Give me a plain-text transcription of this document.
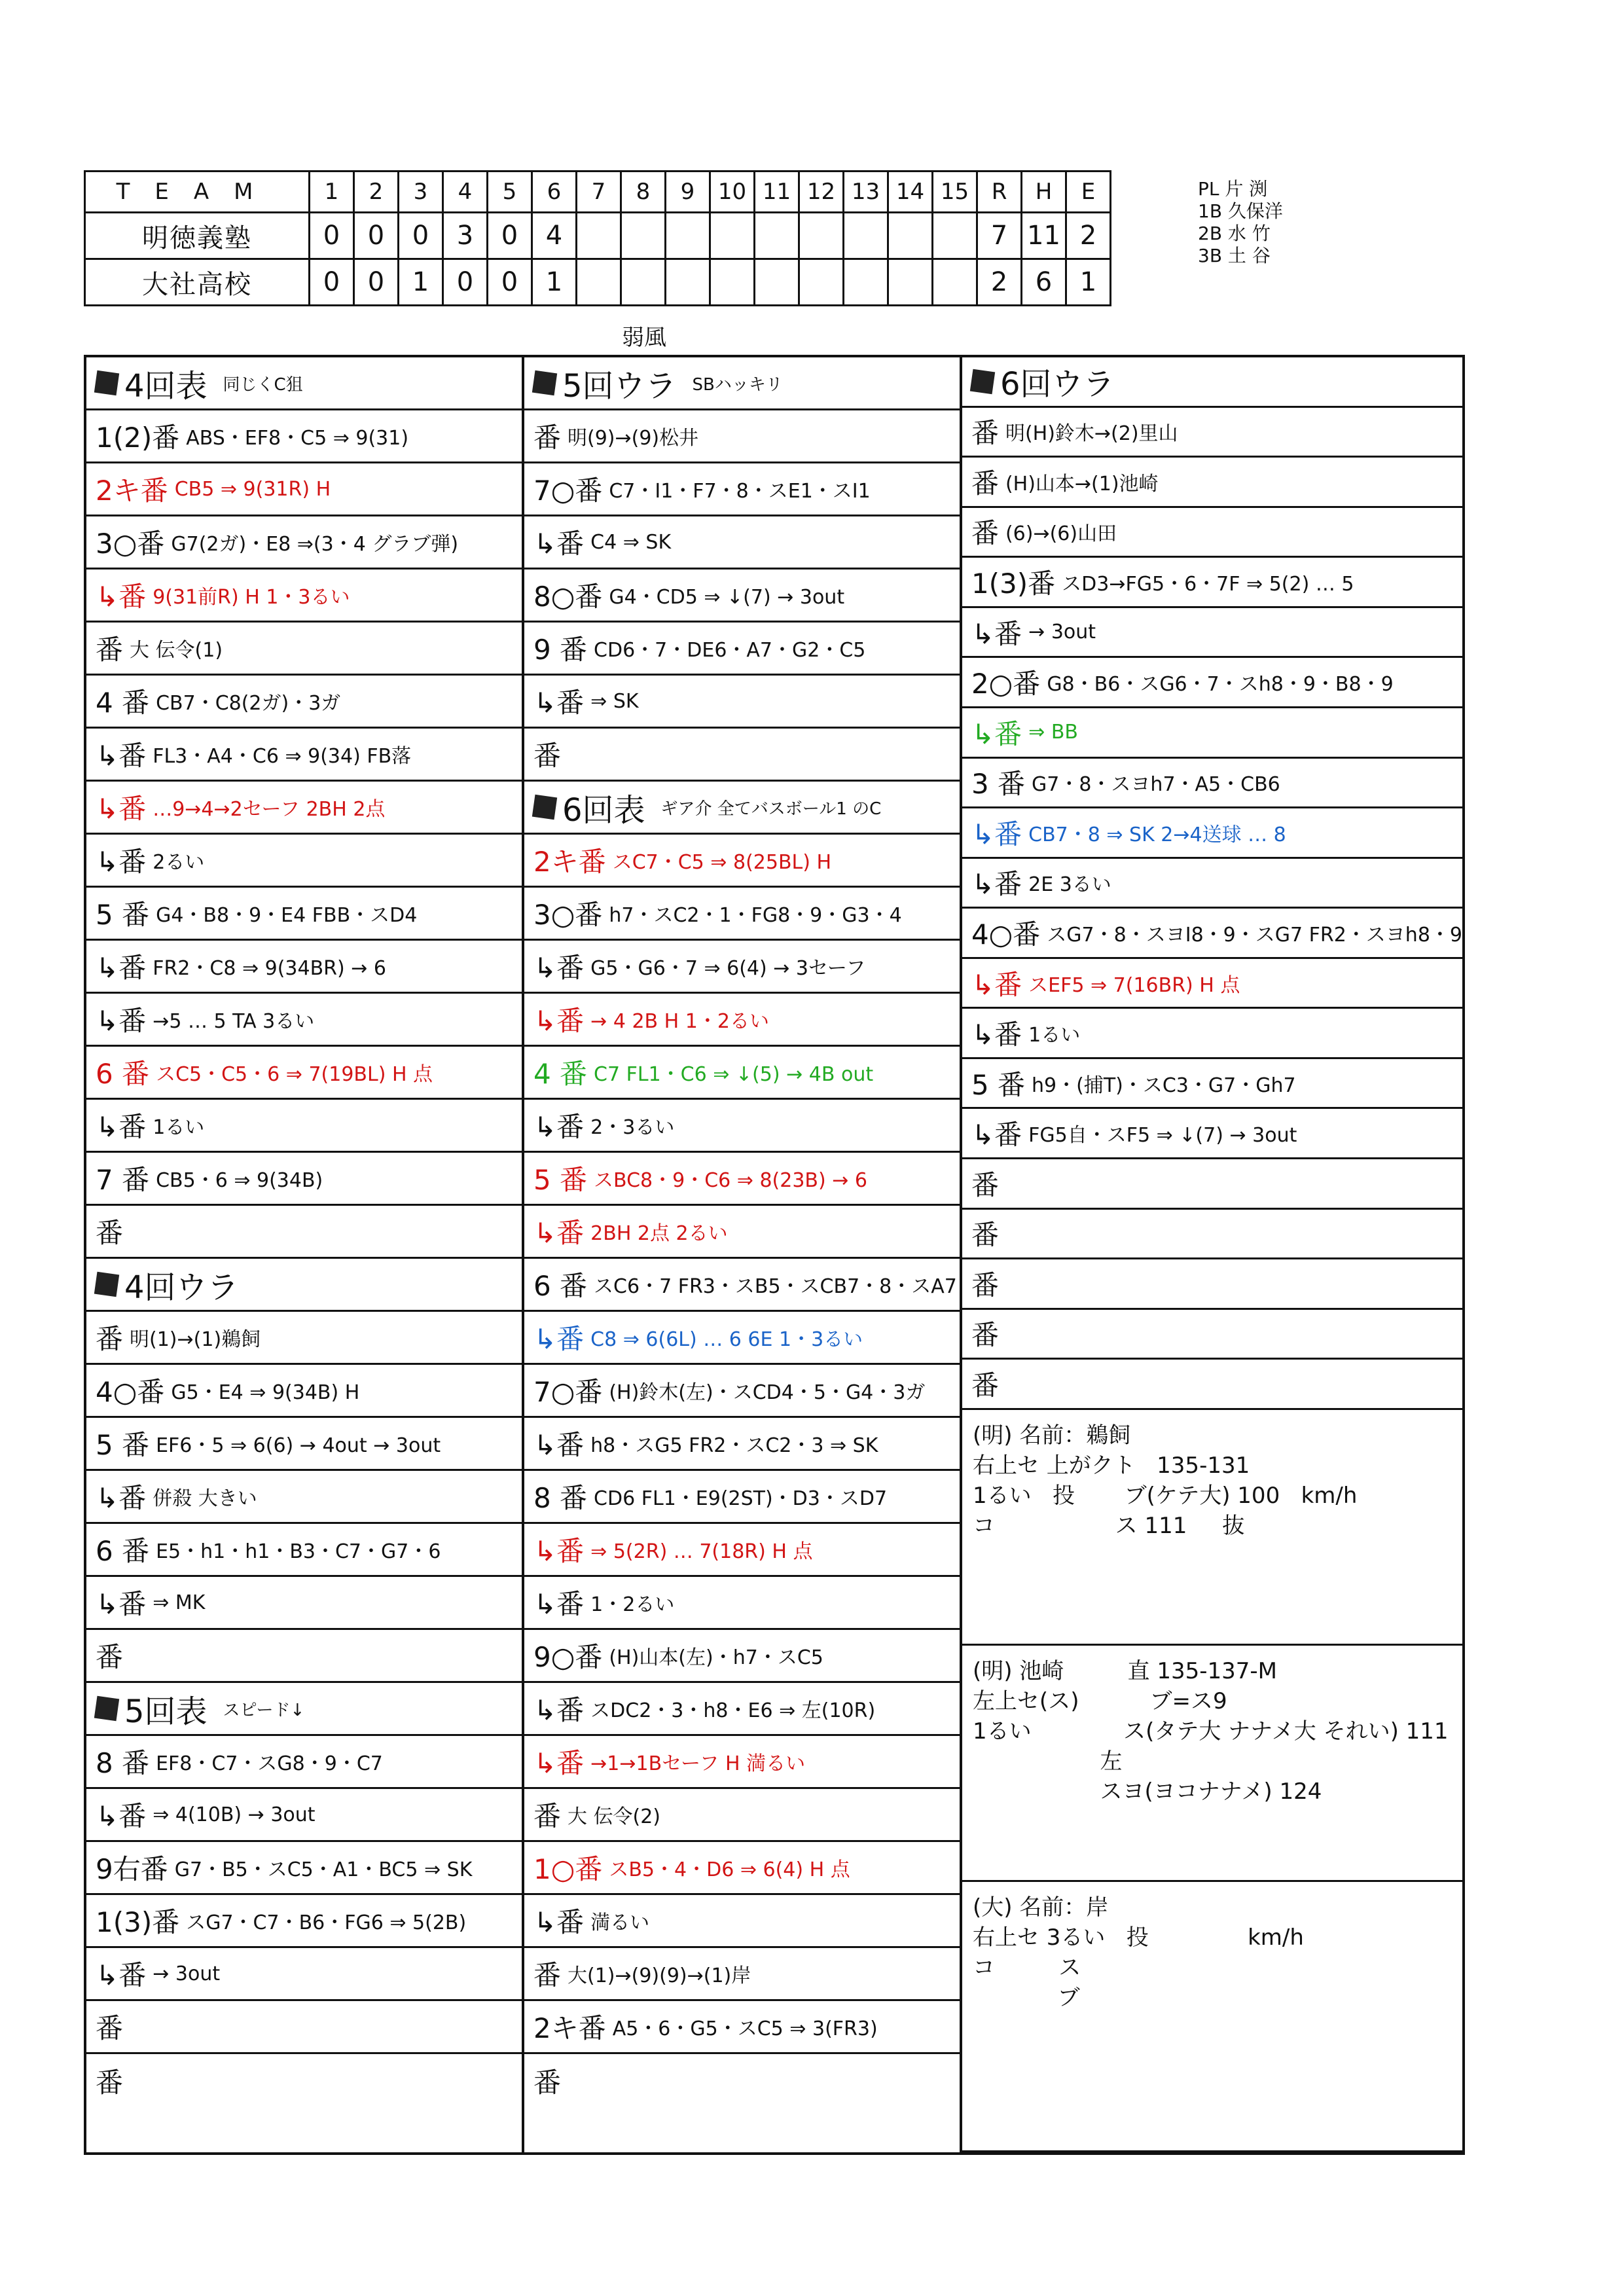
TEAM	1	2	3	4	5	6	7	8	9	10	11	12	13	14	15	R	H	E
明徳義塾	0	0	0	3	0	4										7	11	2
大社高校	0	0	1	0	0	1										2	6	1
PL 片 渕
1B 久保洋
2B 水 竹
3B 土 谷
弱風
4回表 同じくC狙
1(2)番 ABS・EF8・C5 ⇒ 9(31)
2キ番 CB5 ⇒ 9(31R) H
3○番 G7(2ガ)・E8 ⇒(3・4 グラブ弾)
↳番 9(31前R) H 1・3るい
番 大 伝令(1)
4 番 CB7・C8(2ガ)・3ガ
↳番 FL3・A4・C6 ⇒ 9(34) FB落
↳番 …9→4→2セーフ 2BH 2点
↳番 2るい
5 番 G4・B8・9・E4 FBB・スD4
↳番 FR2・C8 ⇒ 9(34BR) → 6
↳番 →5 … 5 TA 3るい
6 番 スC5・C5・6 ⇒ 7(19BL) H 点
↳番 1るい
7 番 CB5・6 ⇒ 9(34B)
番
4回ウラ
番 明(1)→(1)鵜飼
4○番 G5・E4 ⇒ 9(34B) H
5 番 EF6・5 ⇒ 6(6) → 4out → 3out
↳番 併殺 大きい
6 番 E5・h1・h1・B3・C7・G7・6
↳番 ⇒ MK
番
5回表 スピード↓
8 番 EF8・C7・スG8・9・C7
↳番 ⇒ 4(10B) → 3out
9右番 G7・B5・スC5・A1・BC5 ⇒ SK
1(3)番 スG7・C7・B6・FG6 ⇒ 5(2B)
↳番 → 3out
番
番
5回ウラ SBハッキリ
番 明(9)→(9)松井
7○番 C7・I1・F7・8・スE1・スI1
↳番 C4 ⇒ SK
8○番 G4・CD5 ⇒ ↓(7) → 3out
9 番 CD6・7・DE6・A7・G2・C5
↳番 ⇒ SK
番
6回表 ギア介 全てバスボール1 のC
2キ番 スC7・C5 ⇒ 8(25BL) H
3○番 h7・スC2・1・FG8・9・G3・4
↳番 G5・G6・7 ⇒ 6(4) → 3セーフ
↳番 → 4 2B H 1・2るい
4 番 C7 FL1・C6 ⇒ ↓(5) → 4B out
↳番 2・3るい
5 番 スBC8・9・C6 ⇒ 8(23B) → 6
↳番 2BH 2点 2るい
6 番 スC6・7 FR3・スB5・スCB7・8・スA7
↳番 C8 ⇒ 6(6L) … 6 6E 1・3るい
7○番 (H)鈴木(左)・スCD4・5・G4・3ガ
↳番 h8・スG5 FR2・スC2・3 ⇒ SK
8 番 CD6 FL1・E9(2ST)・D3・スD7
↳番 ⇒ 5(2R) … 7(18R) H 点
↳番 1・2るい
9○番 (H)山本(左)・h7・スC5
↳番 スDC2・3・h8・E6 ⇒ 左(10R)
↳番 →1→1Bセーフ H 満るい
番 大 伝令(2)
1○番 スB5・4・D6 ⇒ 6(4) H 点
↳番 満るい
番 大(1)→(9)(9)→(1)岸
2キ番 A5・6・G5・スC5 ⇒ 3(FR3)
番
6回ウラ
番 明(H)鈴木→(2)里山
番 (H)山本→(1)池崎
番 (6)→(6)山田
1(3)番 スD3→FG5・6・7F ⇒ 5(2) … 5
↳番 → 3out
2○番 G8・B6・スG6・7・スh8・9・B8・9
↳番 ⇒ BB
3 番 G7・8・スヨh7・A5・CB6
↳番 CB7・8 ⇒ SK 2→4送球 … 8
↳番 2E 3るい
4○番 スG7・8・スヨI8・9・スG7 FR2・スヨh8・9
↳番 スEF5 ⇒ 7(16BR) H 点
↳番 1るい
5 番 h9・(捕T)・スC3・G7・Gh7
↳番 FG5自・スF5 ⇒ ↓(7) → 3out
番
番
番
番
番
(明) 名前：鵜飼
右上セ 上がクト   135-131
1るい   投       ブ(ケテ大) 100   km/h
コ                 ス 111     抜
(明) 池崎         直 135-137-M
左上セ(ス)          ブ=ス9
1るい             ス(タテ大 ナナメ大 それい) 111
左
スヨ(ヨコナナメ) 124
(大) 名前：岸
右上セ 3るい   投              km/h
コ         ス
ブ
